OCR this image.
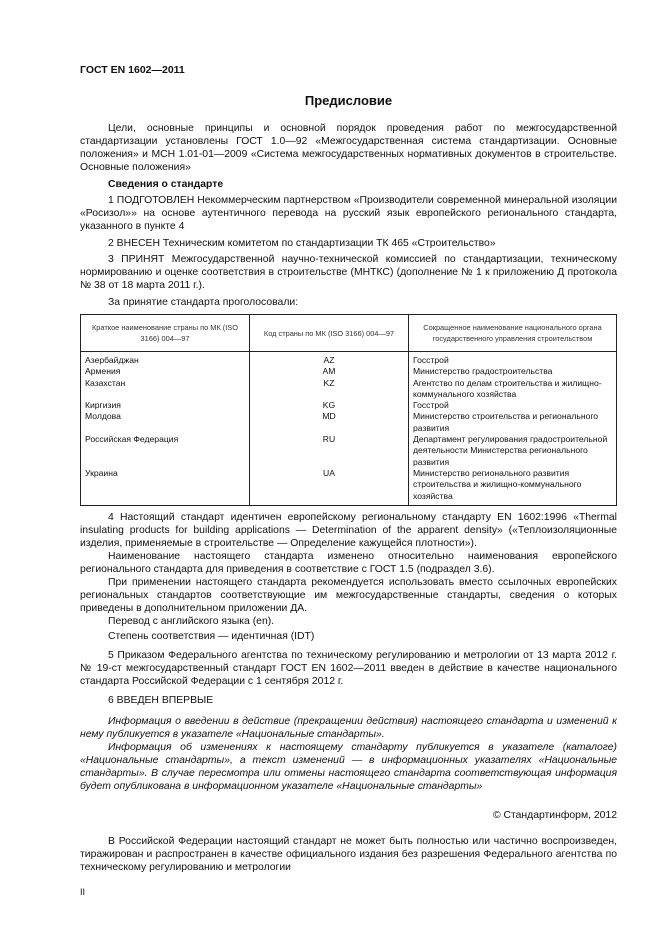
ГОСТ EN 1602—2011
Предисловие

Цели, основные принципы и основной порядок проведения работ по межгосударственной стандартизации установлены ГОСТ 1.0—92 «Межгосударственная система стандартизации. Основные положения» и МСН 1.01-01—2009 «Система межгосударственных нормативных документов в строительстве. Основные положения»

Сведения о стандарте

1 ПОДГОТОВЛЕН Некоммерческим партнерством «Производители современной минеральной изоляции «Росизол»» на основе аутентичного перевода на русский язык европейского регионального стандарта, указанного в пункте 4

2 ВНЕСЕН Техническим комитетом по стандартизации ТК 465 «Строительство»

3 ПРИНЯТ Межгосударственной научно-технической комиссией по стандартизации, техническому нормированию и оценке соответствия в строительстве (МНТКС) (дополнение № 1 к приложению Д протокола № 38 от 18 марта 2011 г.).

За принятие стандарта проголосовали:

Краткое наименование страны по МК (ISO 3166) 004—97	Код страны по МК (ISO 3166) 004—97	Сокращенное наименование национального органа государственного управления строительством
Азербайджан	AZ	Госстрой
Армения	AM	Министерство градостроительства
Казахстан	KZ	Агентство по делам строительства и жилищно-коммунального хозяйства
Киргизия	KG	Госстрой
Молдова	MD	Министерство строительства и регионального развития
Российская Федерация	RU	Департамент регулирования градостроительной деятельности Министерства регионального развития
Украина	UA	Министерство регионального развития строительства и жилищно-коммунального хозяйства

4 Настоящий стандарт идентичен европейскому региональному стандарту EN 1602:1996 «Thermal insulating products for building applications — Determination of the apparent density» («Теплоизоляционные изделия, применяемые в строительстве — Определение кажущейся плотности»).

Наименование настоящего стандарта изменено относительно наименования европейского регионального стандарта для приведения в соответствие с ГОСТ 1.5 (подраздел 3.6).

При применении настоящего стандарта рекомендуется использовать вместо ссылочных европейских региональных стандартов соответствующие им межгосударственные стандарты, сведения о которых приведены в дополнительном приложении ДА.

Перевод с английского языка (en).

Степень соответствия — идентичная (IDT)

5 Приказом Федерального агентства по техническому регулированию и метрологии от 13 марта 2012 г. № 19-ст межгосударственный стандарт ГОСТ EN 1602—2011 введен в действие в качестве национального стандарта Российской Федерации с 1 сентября 2012 г.

6 ВВЕДЕН ВПЕРВЫЕ

Информация о введении в действие (прекращении действия) настоящего стандарта и изменений к нему публикуется в указателе «Национальные стандарты».

Информация об изменениях к настоящему стандарту публикуется в указателе (каталоге) «Национальные стандарты», а текст изменений — в информационных указателях «Национальные стандарты». В случае пересмотра или отмены настоящего стандарта соответствующая информация будет опубликована в информационном указателе «Национальные стандарты»

© Стандартинформ, 2012

В Российской Федерации настоящий стандарт не может быть полностью или частично воспроизведен, тиражирован и распространен в качестве официального издания без разрешения Федерального агентства по техническому регулированию и метрологии

II
